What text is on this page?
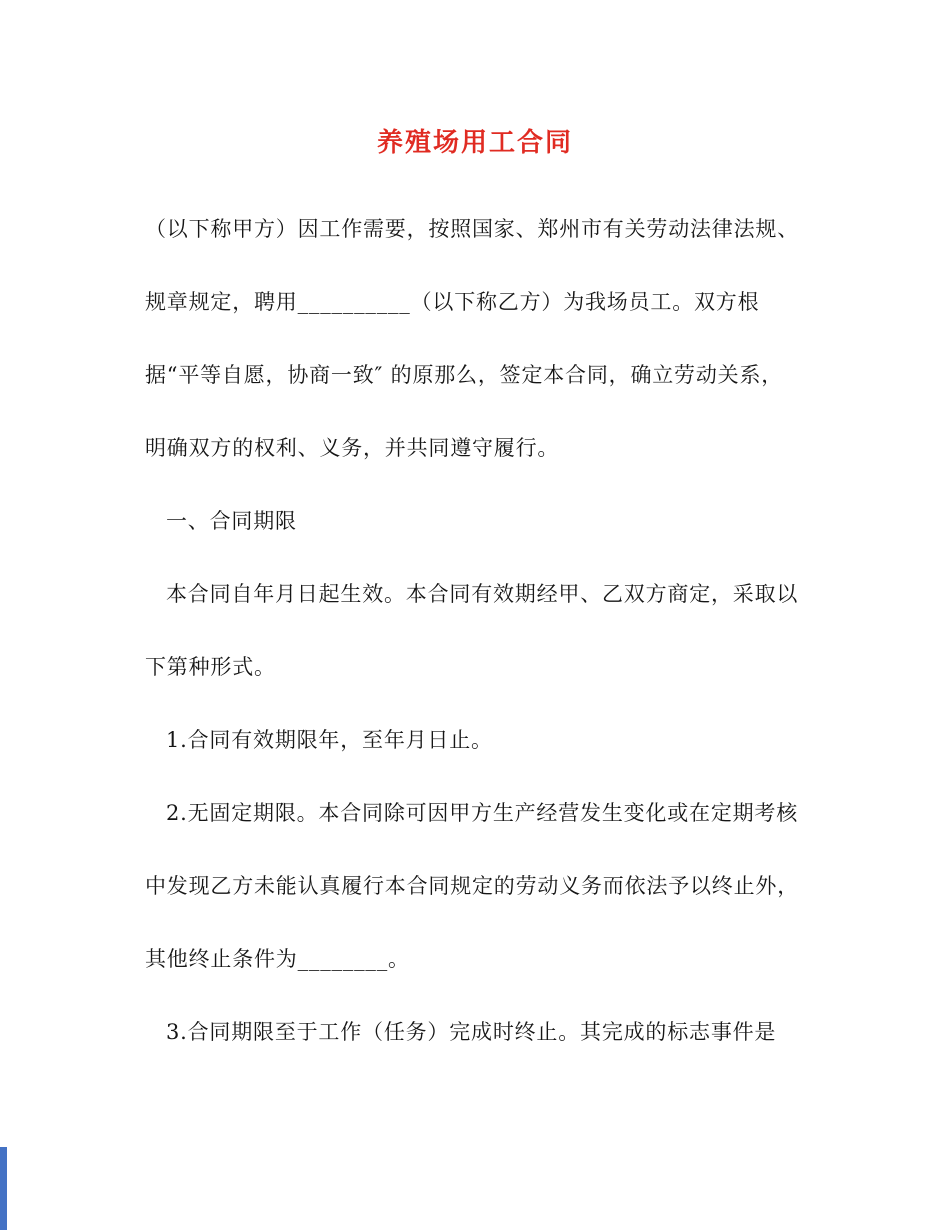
养殖场用工合同
（以下称甲方）因工作需要，按照国家、郑州市有关劳动法律法规、
规章规定，聘用__________（以下称乙方）为我场员工。双方根
据“平等自愿，协商一致″ 的原那么，签定本合同，确立劳动关系，
明确双方的权利、义务，并共同遵守履行。
一、合同期限
本合同自年月日起生效。本合同有效期经甲、乙双方商定，采取以
下第种形式。
1.合同有效期限年，至年月日止。
2.无固定期限。本合同除可因甲方生产经营发生变化或在定期考核
中发现乙方未能认真履行本合同规定的劳动义务而依法予以终止外，
其他终止条件为________。
3.合同期限至于工作（任务）完成时终止。其完成的标志事件是
